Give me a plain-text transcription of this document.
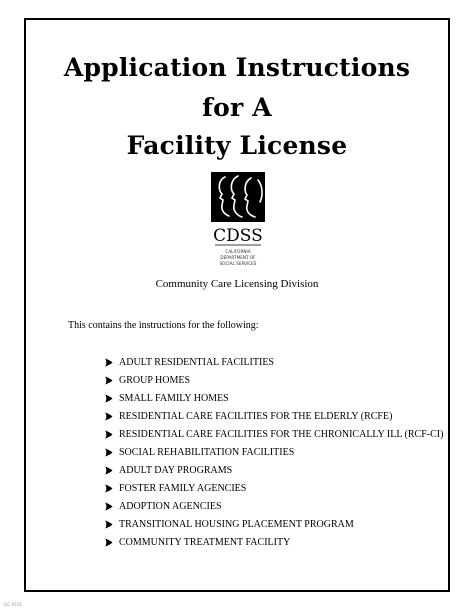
Application Instructions
for A
Facility License
CDSS
CALIFORNIA
DEPARTMENT OF
SOCIAL SERVICES
Community Care Licensing Division
This contains the instructions for the following:
ADULT RESIDENTIAL FACILITIES
GROUP HOMES
SMALL FAMILY HOMES
RESIDENTIAL CARE FACILITIES FOR THE ELDERLY (RCFE)
RESIDENTIAL CARE FACILITIES FOR THE CHRONICALLY ILL (RCF-CI)
SOCIAL REHABILITATION FACILITIES
ADULT DAY PROGRAMS
FOSTER FAMILY AGENCIES
ADOPTION AGENCIES
TRANSITIONAL HOUSING PLACEMENT PROGRAM
COMMUNITY TREATMENT FACILITY
LIC 9124
